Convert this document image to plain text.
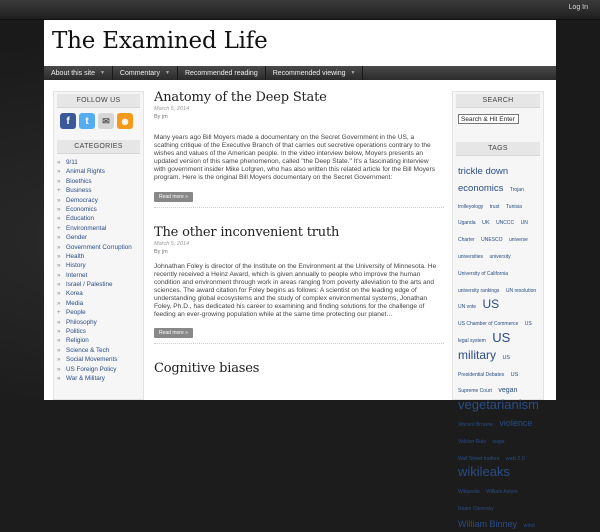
Log In
The Examined Life
About this site ▼ Commentary ▼ Recommended reading Recommended viewing ▼
FOLLOW US
f	t	✉	◉
CATEGORIES
» 9/11
» Animal Rights
» Bioethics
+ Business
» Democracy
» Economics
» Education
+ Environmental
» Gender
» Government Corruption
» Health
» History
» Internet
» Israel / Palestine
» Korea
» Media
+ People
» Philosophy
» Politics
» Religion
» Science & Tech
» Social Movements
» US Foreign Policy
» War & Military
Anatomy of the Deep State
March 5, 2014
By jm
Many years ago Bill Moyers made a documentary on the Secret Government in the US, a scathing critique of the Executive Branch of that carries out secretive operations contrary to the wishes and values of the American people. In the video interview below, Moyers presents an updated version of this same phenomenon, called "the Deep State." It's a fascinating interview with government insider Mike Lofgren, who has also written this related article for the Bill Moyers program. Here is the original Bill Moyers documentary on the Secret Government:
Read more »
The other inconvenient truth
March 5, 2014
By jm
Johnathan Foley is director of the Institute on the Environment at the University of Minnesota. He recently received a Heinz Award, which is given annually to people who improve the human condition and environment through work in areas ranging from poverty alleviation to the arts and sciences. The award citation for Foley begins as follows: A scientist on the leading edge of understanding global ecosystems and the study of complex environmental systems, Jonathan Foley, Ph.D., has dedicated his career to examining and finding solutions for the challenge of feeding an ever-growing population while at the same time protecting our planet…
Read more »
Cognitive biases
SEARCH
Search & Hit Enter
TAGS
trickle down economics Trojan trolleyology trust Tunisia Uganda UK UNCCC UN Charter UNESCO universe universities university University of California university rankings UN resolution UN vote US US Chamber of Commerce US legal system US military US Presidential Debates US Supreme Court vegan vegetarianism Vincent Browne violence Volcker Rule wage Wall Street traders web 2.0 wikileaks Wikipedia William Astore Noam Chomsky William Binney wind
